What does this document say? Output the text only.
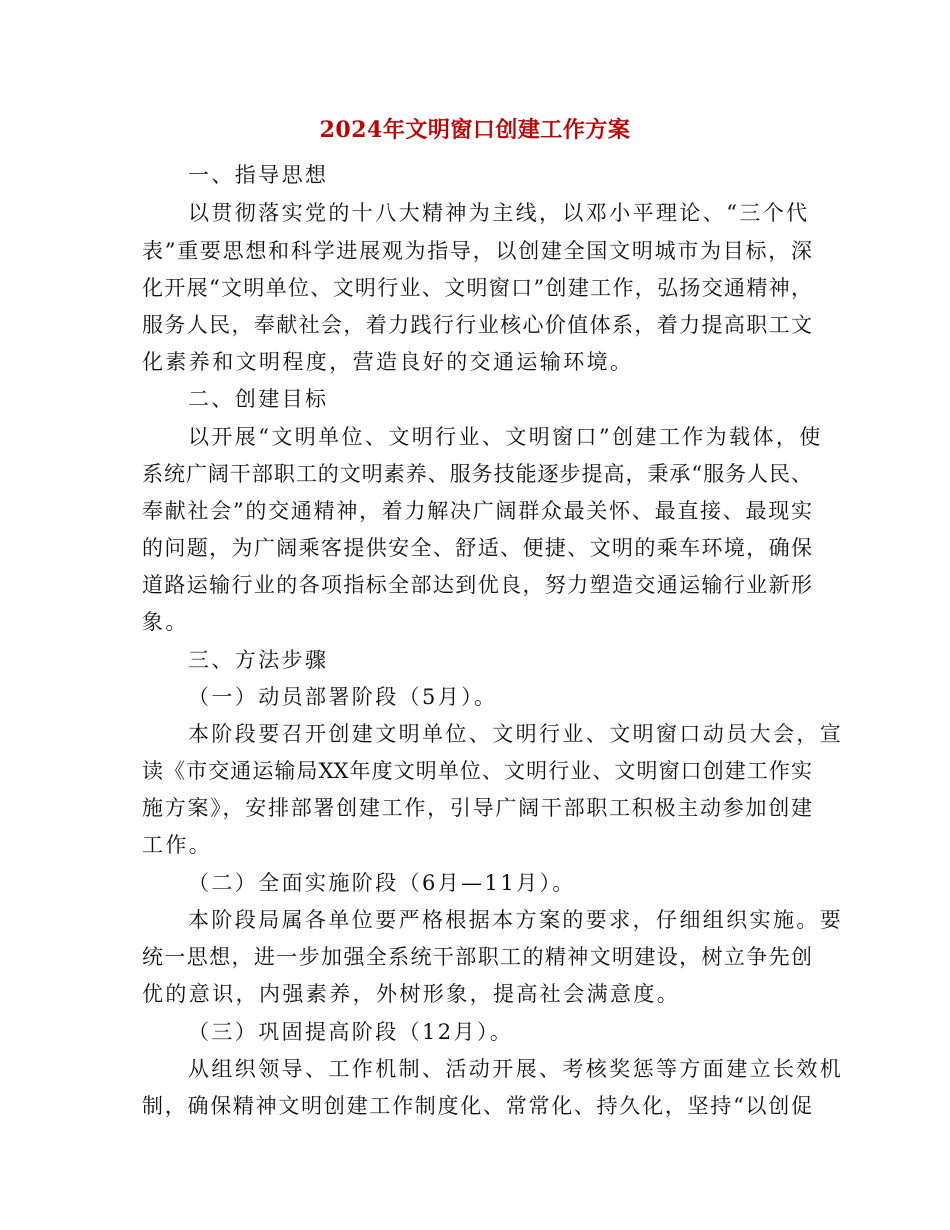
2024年文明窗口创建工作方案
一、指导思想
以贯彻落实党的十八大精神为主线，以邓小平理论、“三个代
表”重要思想和科学进展观为指导，以创建全国文明城市为目标，深
化开展“文明单位、文明行业、文明窗口”创建工作，弘扬交通精神，
服务人民，奉献社会，着力践行行业核心价值体系，着力提高职工文
化素养和文明程度，营造良好的交通运输环境。
二、创建目标
以开展“文明单位、文明行业、文明窗口”创建工作为载体，使
系统广阔干部职工的文明素养、服务技能逐步提高，秉承“服务人民、
奉献社会”的交通精神，着力解决广阔群众最关怀、最直接、最现实
的问题，为广阔乘客提供安全、舒适、便捷、文明的乘车环境，确保
道路运输行业的各项指标全部达到优良，努力塑造交通运输行业新形
象。
三、方法步骤
（一）动员部署阶段（5月）。
本阶段要召开创建文明单位、文明行业、文明窗口动员大会，宣
读《市交通运输局XX年度文明单位、文明行业、文明窗口创建工作实
施方案》，安排部署创建工作，引导广阔干部职工积极主动参加创建
工作。
（二）全面实施阶段（6月—11月）。
本阶段局属各单位要严格根据本方案的要求，仔细组织实施。要
统一思想，进一步加强全系统干部职工的精神文明建设，树立争先创
优的意识，内强素养，外树形象，提高社会满意度。
（三）巩固提高阶段（12月）。
从组织领导、工作机制、活动开展、考核奖惩等方面建立长效机
制，确保精神文明创建工作制度化、常常化、持久化，坚持“以创促
